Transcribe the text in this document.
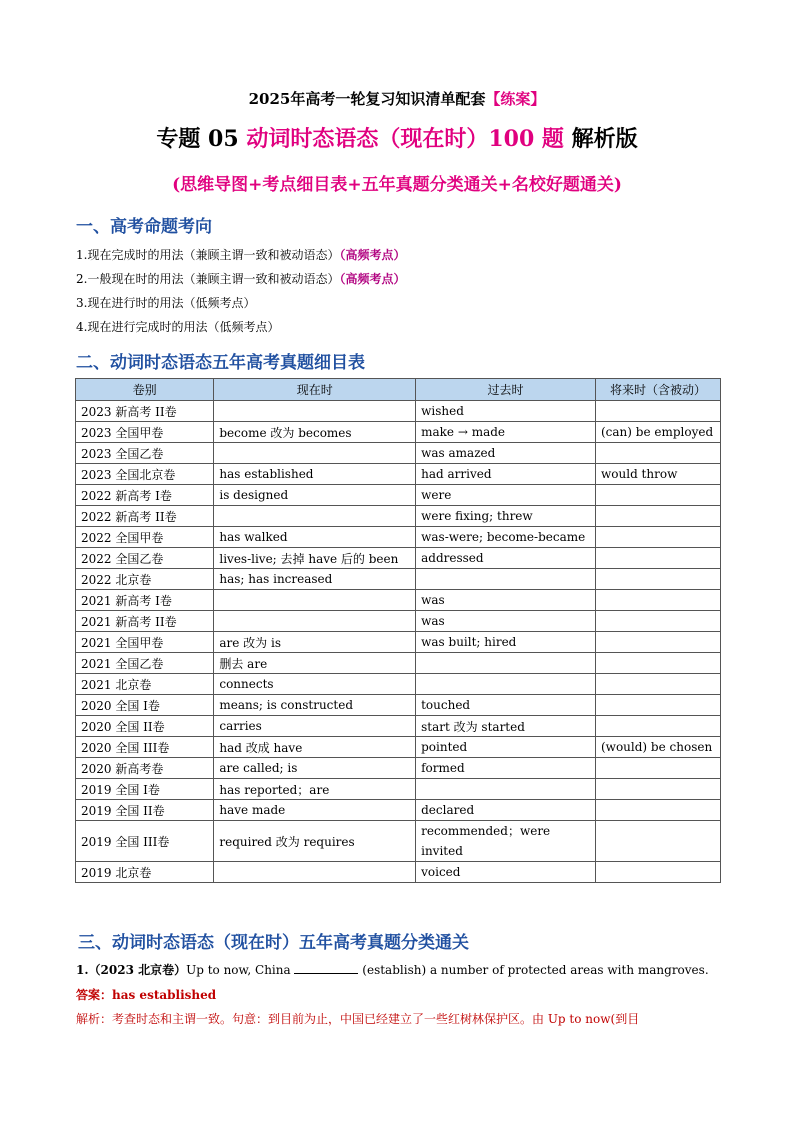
2025年高考一轮复习知识清单配套【练案】
专题 05 动词时态语态（现在时）100 题 解析版
(思维导图+考点细目表+五年真题分类通关+名校好题通关)
一、高考命题考向
1.现在完成时的用法（兼顾主谓一致和被动语态）（高频考点）
2.一般现在时的用法（兼顾主谓一致和被动语态）（高频考点）
3.现在进行时的用法（低频考点）
4.现在进行完成时的用法（低频考点）
二、动词时态语态五年高考真题细目表
卷别	现在时	过去时	将来时（含被动）
2023 新高考 II卷		wished	
2023 全国甲卷	become 改为 becomes	make → made	(can) be employed
2023 全国乙卷		was amazed	
2023 全国北京卷	has established	had arrived	would throw
2022 新高考 I卷	is designed	were	
2022 新高考 II卷		were fixing; threw	
2022 全国甲卷	has walked	was-were; become-became	
2022 全国乙卷	lives-live; 去掉 have 后的 been	addressed	
2022 北京卷	has; has increased		
2021 新高考 I卷		was	
2021 新高考 II卷		was	
2021 全国甲卷	are 改为 is	was built; hired	
2021 全国乙卷	删去 are		
2021 北京卷	connects		
2020 全国 I卷	means; is constructed	touched	
2020 全国 II卷	carries	start 改为 started	
2020 全国 III卷	had 改成 have	pointed	(would) be chosen
2020 新高考卷	are called; is	formed	
2019 全国 I卷	has reported；are		
2019 全国 II卷	have made	declared	
2019 全国 III卷	required 改为 requires	recommended；were invited	
2019 北京卷		voiced	
三、动词时态语态（现在时）五年高考真题分类通关
1.（2023 北京卷）Up to now, China	(establish) a number of protected areas with mangroves.
答案：has established
解析：考查时态和主谓一致。句意：到目前为止，中国已经建立了一些红树林保护区。由 Up to now(到目
